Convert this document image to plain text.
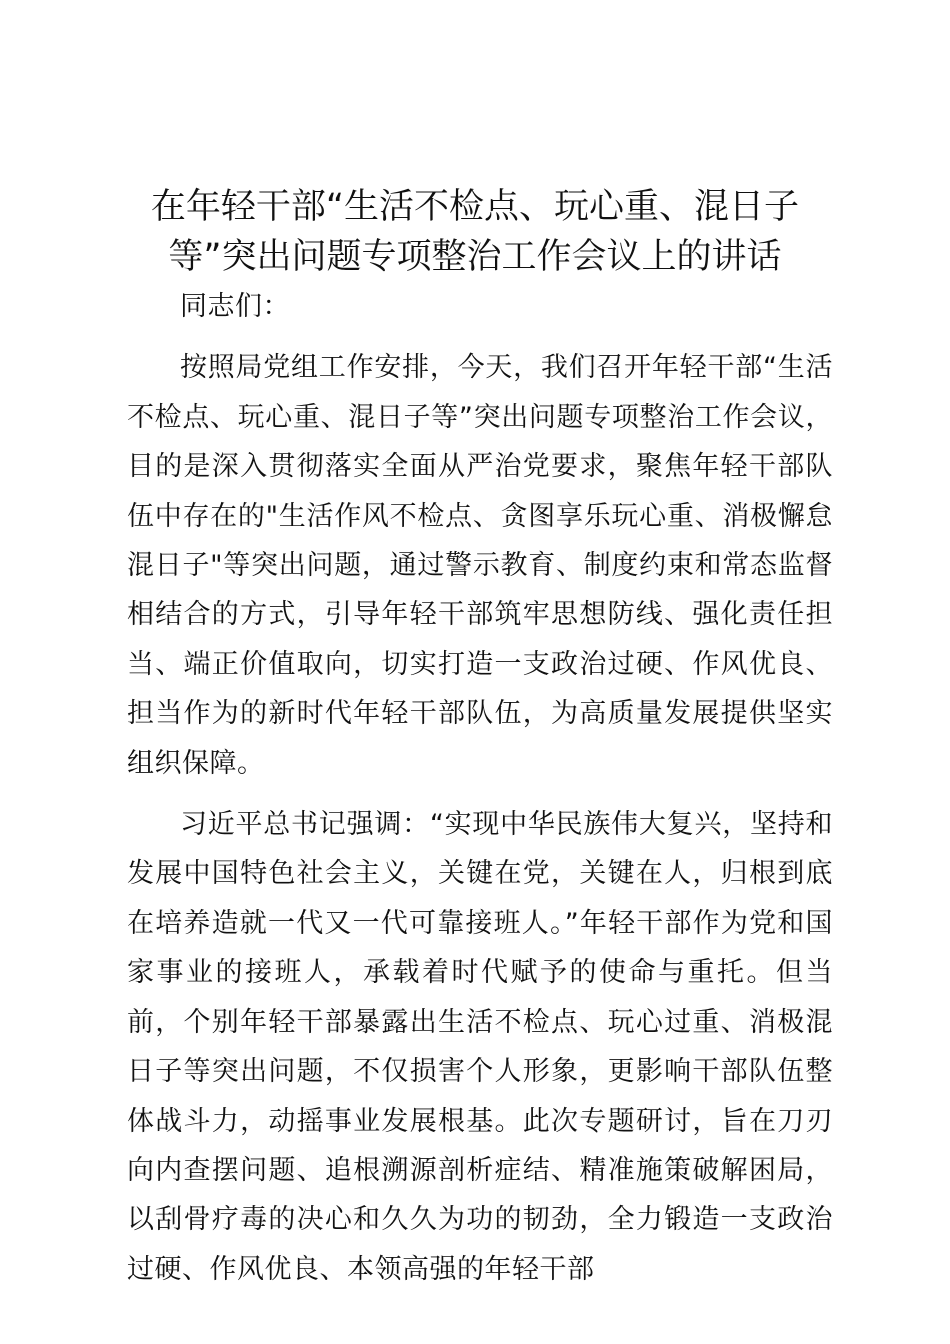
在年轻干部“生活不检点、玩心重、混日子
等”突出问题专项整治工作会议上的讲话

同志们：

按照局党组工作安排，今天，我们召开年轻干部“生活不检点、玩心重、混日子等”突出问题专项整治工作会议，目的是深入贯彻落实全面从严治党要求，聚焦年轻干部队伍中存在的"生活作风不检点、贪图享乐玩心重、消极懈怠混日子"等突出问题，通过警示教育、制度约束和常态监督相结合的方式，引导年轻干部筑牢思想防线、强化责任担当、端正价值取向，切实打造一支政治过硬、作风优良、担当作为的新时代年轻干部队伍，为高质量发展提供坚实组织保障。

习近平总书记强调：“实现中华民族伟大复兴，坚持和发展中国特色社会主义，关键在党，关键在人，归根到底在培养造就一代又一代可靠接班人。”年轻干部作为党和国家事业的接班人，承载着时代赋予的使命与重托。但当前，个别年轻干部暴露出生活不检点、玩心过重、消极混日子等突出问题，不仅损害个人形象，更影响干部队伍整体战斗力，动摇事业发展根基。此次专题研讨，旨在刀刃向内查摆问题、追根溯源剖析症结、精准施策破解困局，以刮骨疗毒的决心和久久为功的韧劲，全力锻造一支政治过硬、作风优良、本领高强的年轻干部
